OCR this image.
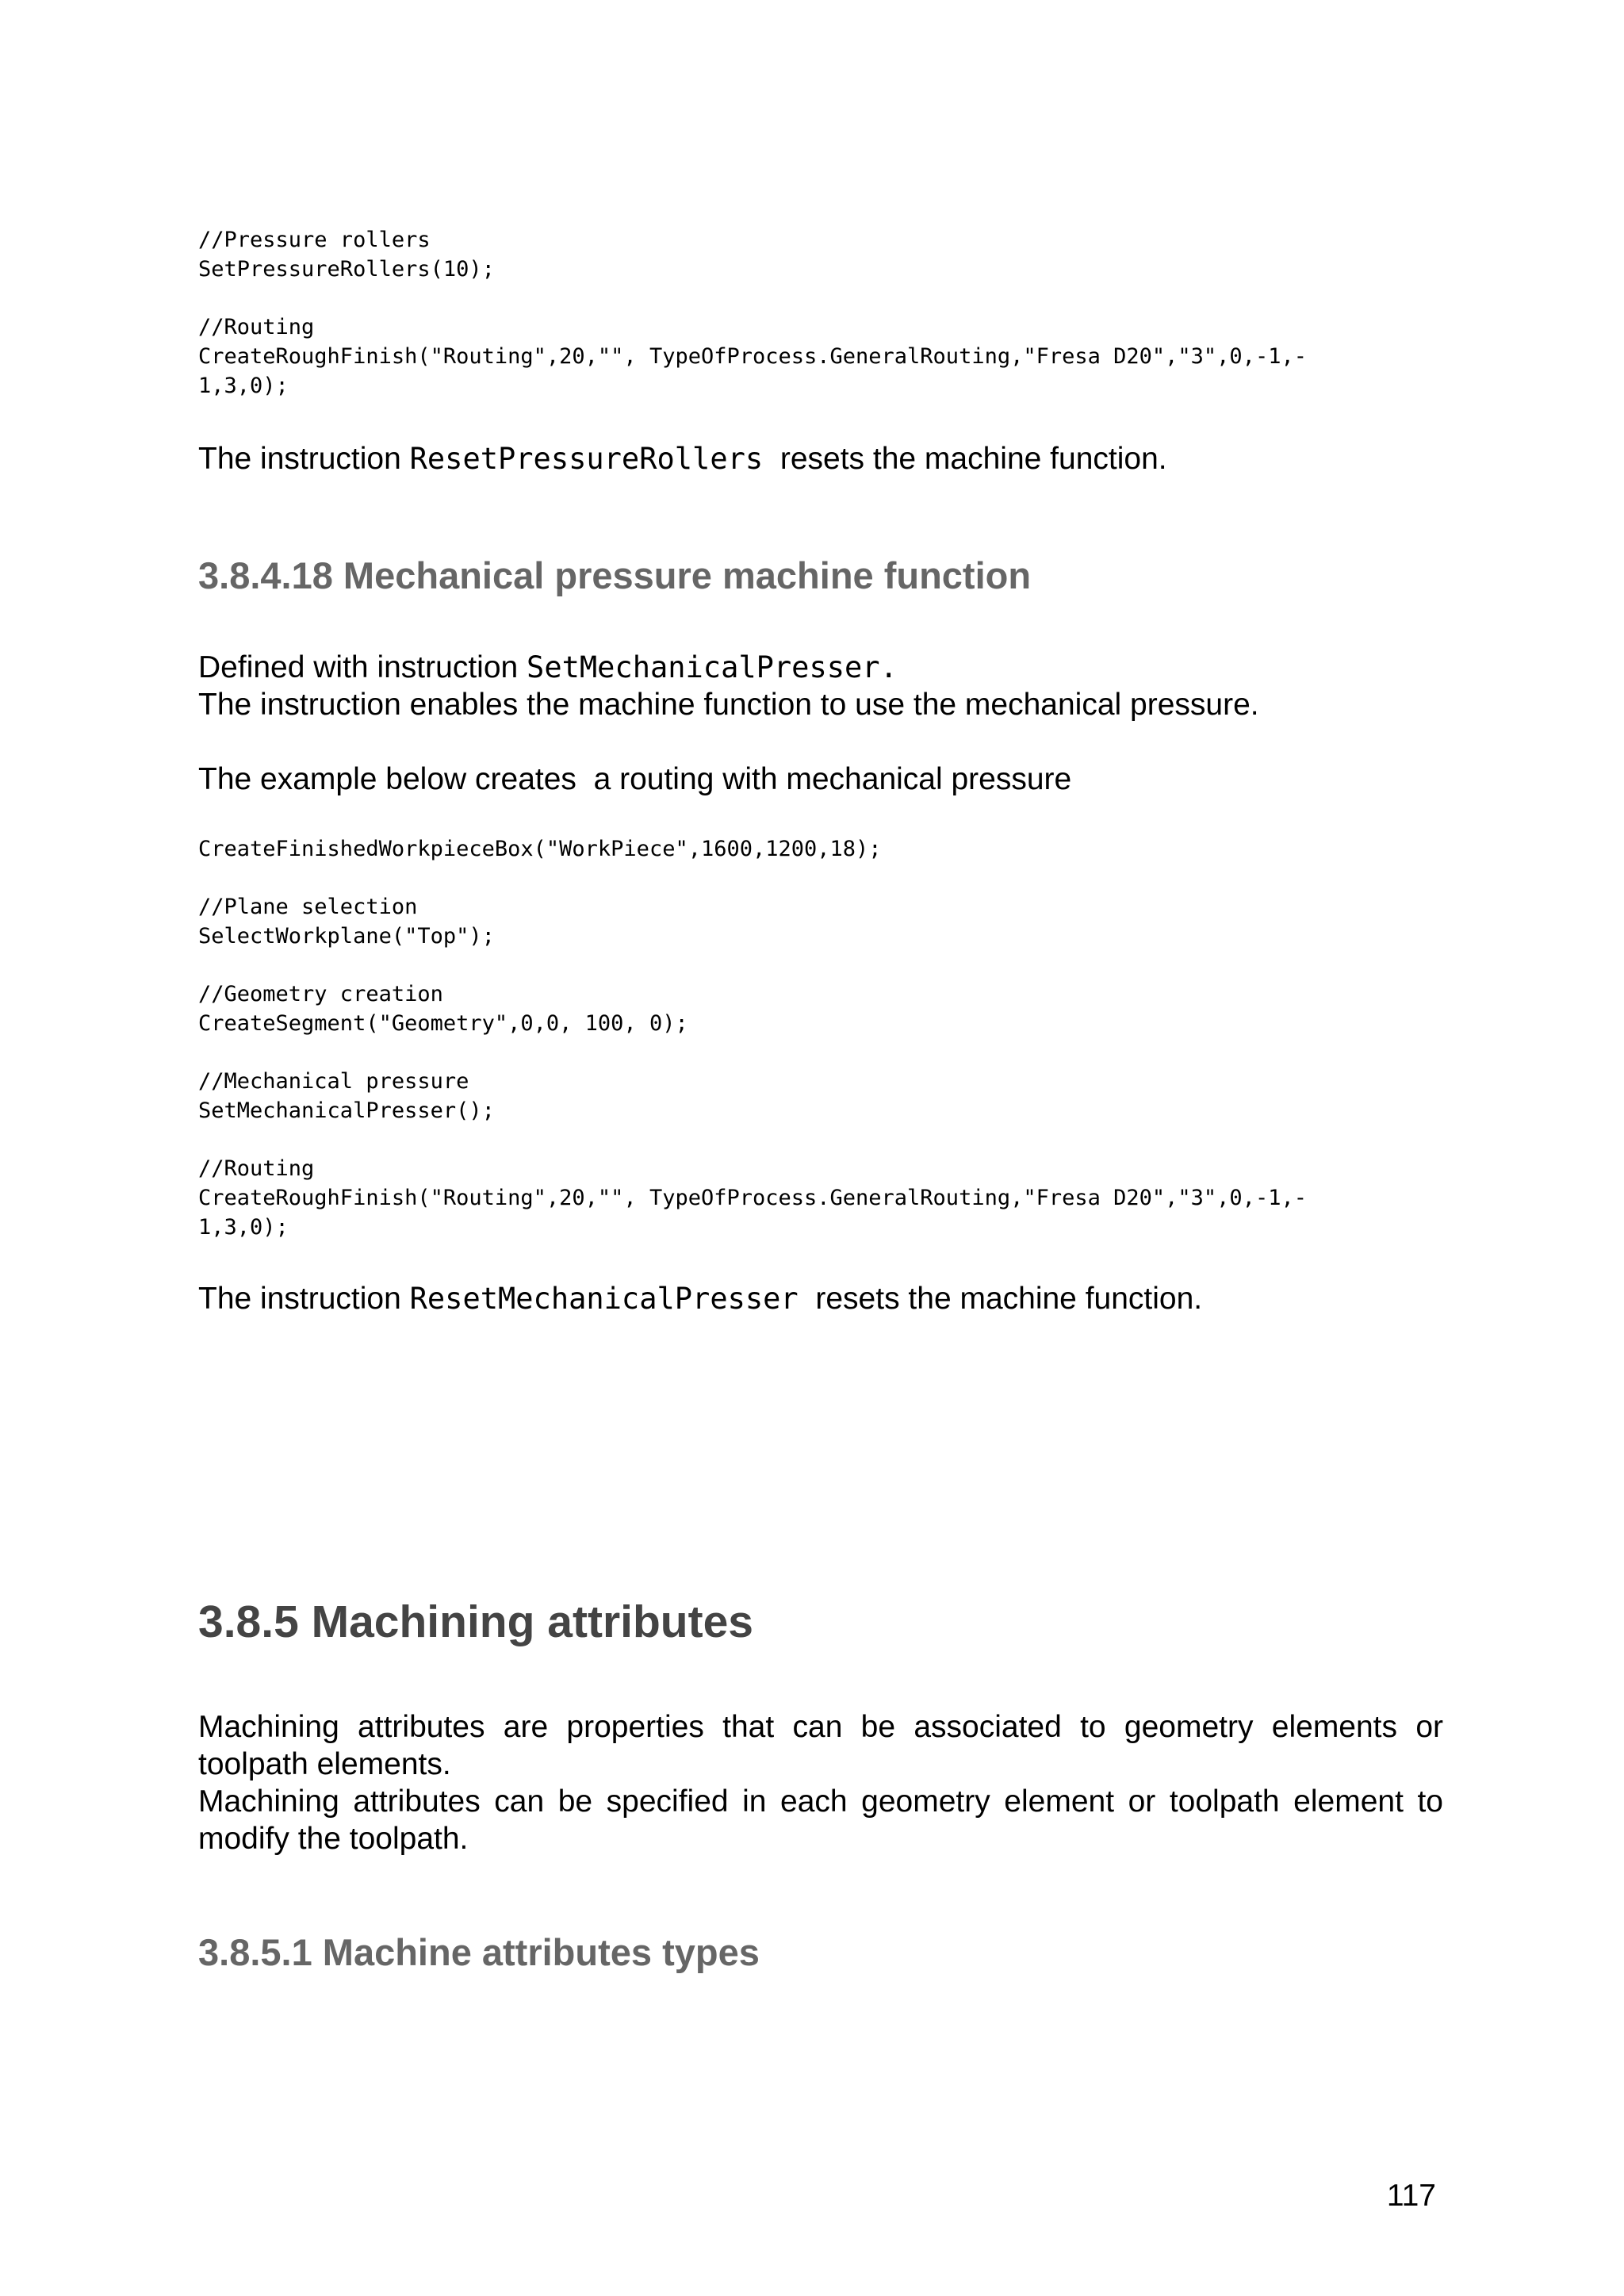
//Pressure rollers
SetPressureRollers(10);
//Routing
CreateRoughFinish("Routing",20,"", TypeOfProcess.GeneralRouting,"Fresa D20","3",0,-1,-
1,3,0);

The instruction ResetPressureRollers  resets the machine function.

3.8.4.18 Mechanical pressure machine function
Defined with instruction SetMechanicalPresser.
The instruction enables the machine function to use the mechanical pressure.

The example below creates  a routing with mechanical pressure

CreateFinishedWorkpieceBox("WorkPiece",1600,1200,18);
//Plane selection
SelectWorkplane("Top");
//Geometry creation
CreateSegment("Geometry",0,0, 100, 0);
//Mechanical pressure
SetMechanicalPresser();
//Routing
CreateRoughFinish("Routing",20,"", TypeOfProcess.GeneralRouting,"Fresa D20","3",0,-1,-
1,3,0);

The instruction ResetMechanicalPresser  resets the machine function.

3.8.5 Machining attributes
Machining attributes are properties that can be associated to geometry elements or toolpath elements.
Machining attributes can be specified in each geometry element or toolpath element to modify the toolpath.
3.8.5.1 Machine attributes types
117
